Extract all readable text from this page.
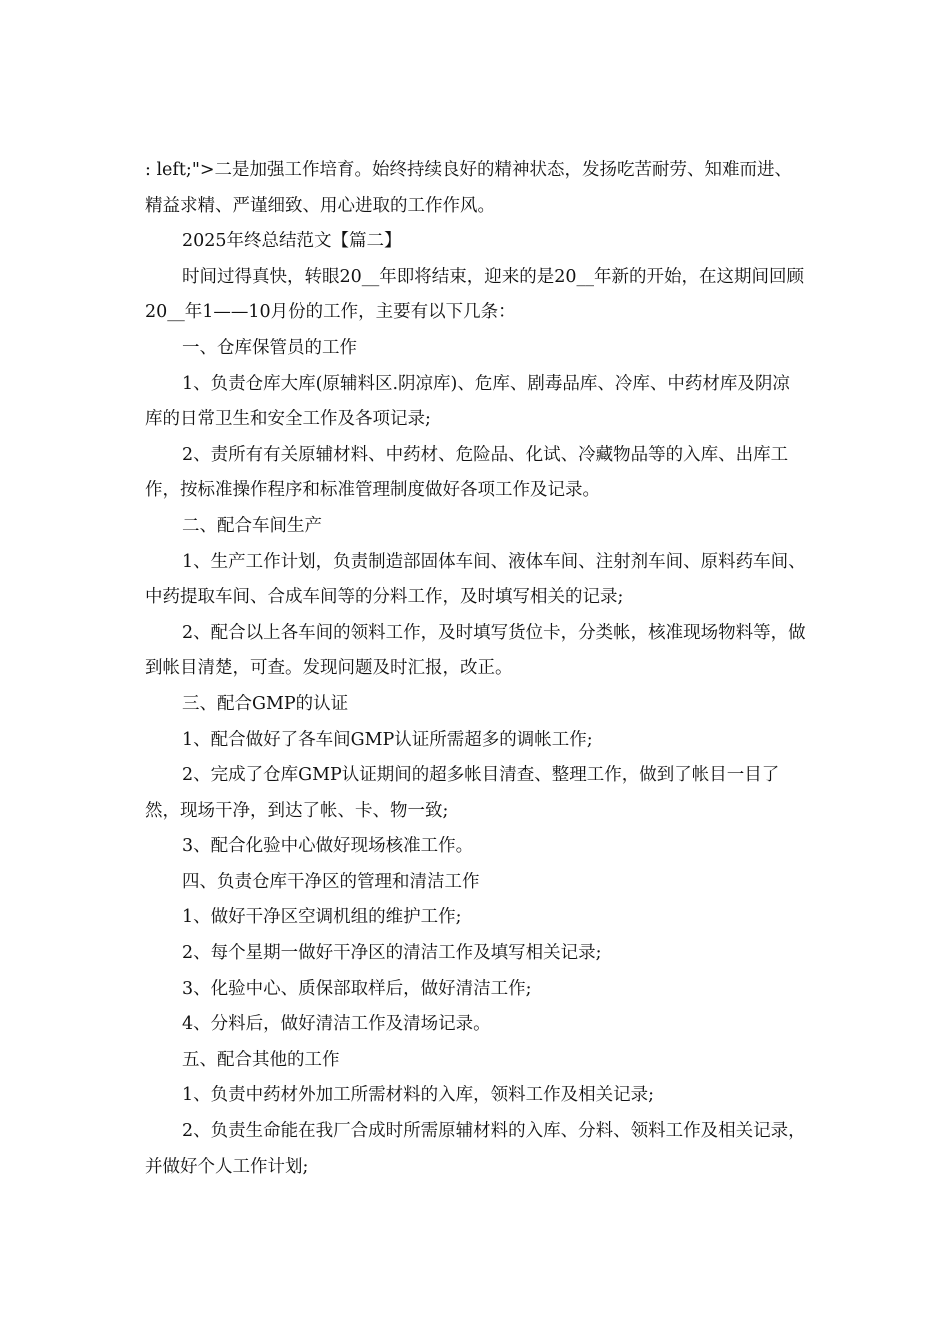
: left;">二是加强工作培育。始终持续良好的精神状态，发扬吃苦耐劳、知难而进、精益求精、严谨细致、用心进取的工作作风。

2025年终总结范文【篇二】

时间过得真快，转眼20__年即将结束，迎来的是20__年新的开始，在这期间回顾20__年1——10月份的工作，主要有以下几条：

一、仓库保管员的工作

1、负责仓库大库(原辅料区.阴凉库)、危库、剧毒品库、冷库、中药材库及阴凉库的日常卫生和安全工作及各项记录;

2、责所有有关原辅材料、中药材、危险品、化试、冷藏物品等的入库、出库工作，按标准操作程序和标准管理制度做好各项工作及记录。

二、配合车间生产

1、生产工作计划，负责制造部固体车间、液体车间、注射剂车间、原料药车间、中药提取车间、合成车间等的分料工作，及时填写相关的记录;

2、配合以上各车间的领料工作，及时填写货位卡，分类帐，核准现场物料等，做到帐目清楚，可查。发现问题及时汇报，改正。

三、配合GMP的认证

1、配合做好了各车间GMP认证所需超多的调帐工作;

2、完成了仓库GMP认证期间的超多帐目清查、整理工作，做到了帐目一目了然，现场干净，到达了帐、卡、物一致;

3、配合化验中心做好现场核准工作。

四、负责仓库干净区的管理和清洁工作

1、做好干净区空调机组的维护工作;

2、每个星期一做好干净区的清洁工作及填写相关记录;

3、化验中心、质保部取样后，做好清洁工作;

4、分料后，做好清洁工作及清场记录。

五、配合其他的工作

1、负责中药材外加工所需材料的入库，领料工作及相关记录;

2、负责生命能在我厂合成时所需原辅材料的入库、分料、领料工作及相关记录，并做好个人工作计划;
